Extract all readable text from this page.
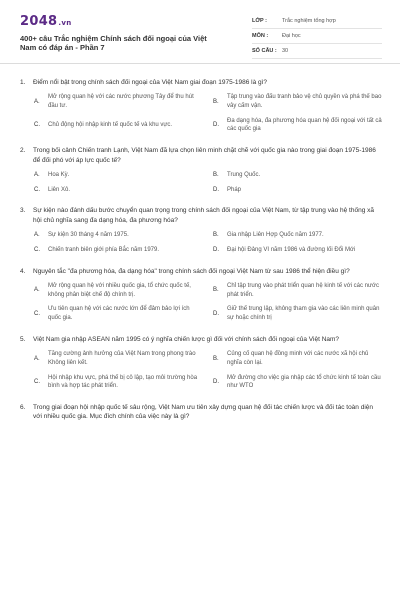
2048.vn
400+ câu Trắc nghiệm Chính sách đối ngoại của Việt Nam có đáp án - Phần 7
LỚP :	Trắc nghiệm tổng hợp
MÔN :	Đại học
SỐ CÂU : 30
1.	Điểm nổi bật trong chính sách đối ngoại của Việt Nam giai đoạn 1975-1986 là gì?
A.
Mở rộng quan hệ với các nước phương Tây để thu hút đầu tư.
B.
Tập trung vào đấu tranh bảo vệ chủ quyền và phá thế bao vây cấm vận.
C.	Chủ động hội nhập kinh tế quốc tế và khu vực.	D.
Đa dạng hóa, đa phương hóa quan hệ đối ngoại với tất cả các quốc gia
2.	Trong bối cảnh Chiến tranh Lạnh, Việt Nam đã lựa chọn liên minh chặt chẽ với quốc gia nào trong giai đoạn 1975-1986 để đối phó với áp lực quốc tế?
A.	Hoa Kỳ.	B.	Trung Quốc.
C.	Liên Xô.	D.	Pháp
3.	Sự kiện nào đánh dấu bước chuyển quan trọng trong chính sách đối ngoại của Việt Nam, từ tập trung vào hệ thống xã hội chủ nghĩa sang đa dạng hóa, đa phương hóa?
A.	Sự kiện 30 tháng 4 năm 1975.	B.	Gia nhập Liên Hợp Quốc năm 1977.
C.	Chiến tranh biên giới phía Bắc năm 1979.	D.	Đại hội Đảng VI năm 1986 và đường lối Đổi Mới
4.	Nguyên tắc "đa phương hóa, đa dạng hóa" trong chính sách đối ngoại Việt Nam từ sau 1986 thể hiện điều gì?
A.
Mở rộng quan hệ với nhiều quốc gia, tổ chức quốc tế, không phân biệt chế độ chính trị.
B.
Chỉ tập trung vào phát triển quan hệ kinh tế với các nước phát triển.
C.
Ưu tiên quan hệ với các nước lớn để đảm bảo lợi ích quốc gia.
D.
Giữ thế trung lập, không tham gia vào các liên minh quân sự hoặc chính trị
5.	Việt Nam gia nhập ASEAN năm 1995 có ý nghĩa chiến lược gì đối với chính sách đối ngoại của Việt Nam?
A.
Tăng cường ảnh hưởng của Việt Nam trong phong trào Không liên kết.
B.
Củng cố quan hệ đồng minh với các nước xã hội chủ nghĩa còn lại.
C.
Hội nhập khu vực, phá thế bị cô lập, tạo môi trường hòa bình và hợp tác phát triển.
D.
Mở đường cho việc gia nhập các tổ chức kinh tế toàn cầu như WTO
6.	Trong giai đoạn hội nhập quốc tế sâu rộng, Việt Nam ưu tiên xây dựng quan hệ đối tác chiến lược và đối tác toàn diện với nhiều quốc gia. Mục đích chính của việc này là gì?
